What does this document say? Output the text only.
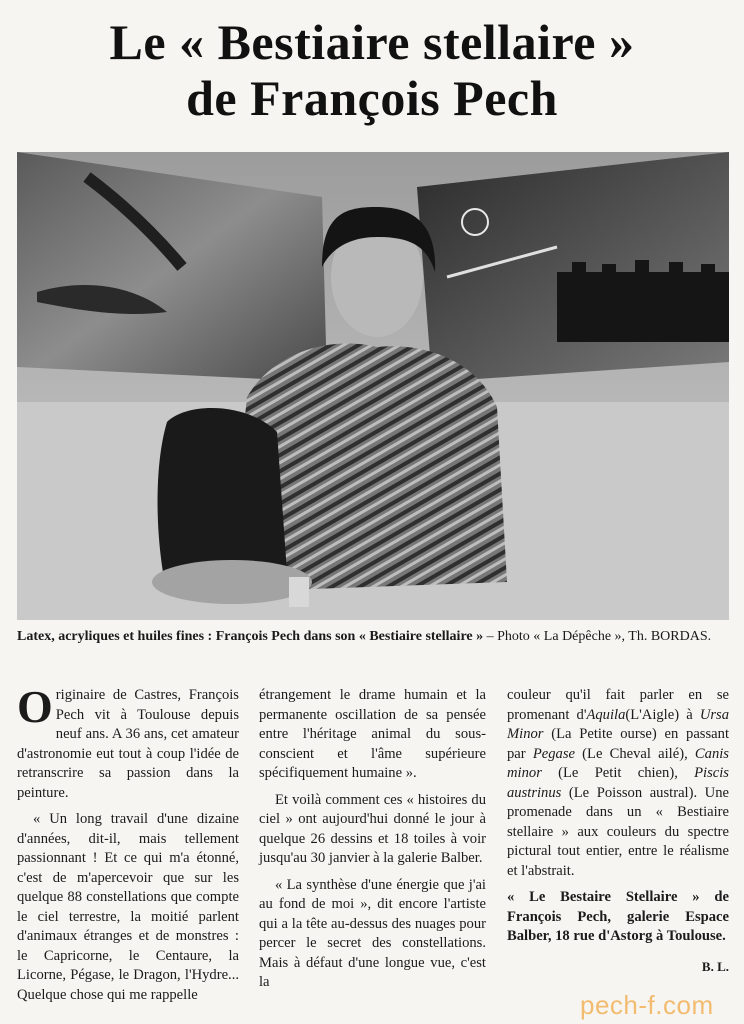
Le « Bestiaire stellaire »
de François Pech
Latex, acryliques et huiles fines : François Pech dans son « Bestiaire stellaire » – Photo « La Dépêche », Th. BORDAS.

Originaire de Castres, François Pech vit à Toulouse depuis neuf ans. A 36 ans, cet amateur d'astronomie eut tout à coup l'idée de retranscrire sa passion dans la peinture.

« Un long travail d'une dizaine d'années, dit-il, mais tellement passionnant ! Et ce qui m'a étonné, c'est de m'apercevoir que sur les quelque 88 constellations que compte le ciel terrestre, la moitié parlent d'animaux étranges et de monstres : le Capricorne, le Centaure, la Licorne, Pégase, le Dragon, l'Hydre... Quelque chose qui me rappelle

étrangement le drame humain et la permanente oscillation de sa pensée entre l'héritage animal du sous-conscient et l'âme supérieure spécifiquement humaine ».

Et voilà comment ces « histoires du ciel » ont aujourd'hui donné le jour à quelque 26 dessins et 18 toiles à voir jusqu'au 30 janvier à la galerie Balber.

« La synthèse d'une énergie que j'ai au fond de moi », dit encore l'artiste qui a la tête au-dessus des nuages pour percer le secret des constellations. Mais à défaut d'une longue vue, c'est la

couleur qu'il fait parler en se promenant d'Aquila(L'Aigle) à Ursa Minor (La Petite ourse) en passant par Pegase (Le Cheval ailé), Canis minor (Le Petit chien), Piscis austrinus (Le Poisson austral). Une promenade dans un « Bestiaire stellaire » aux couleurs du spectre pictural tout entier, entre le réalisme et l'abstrait.

« Le Bestaire Stellaire » de François Pech, galerie Espace Balber, 18 rue d'Astorg à Toulouse.

B. L.
pech-f.com
